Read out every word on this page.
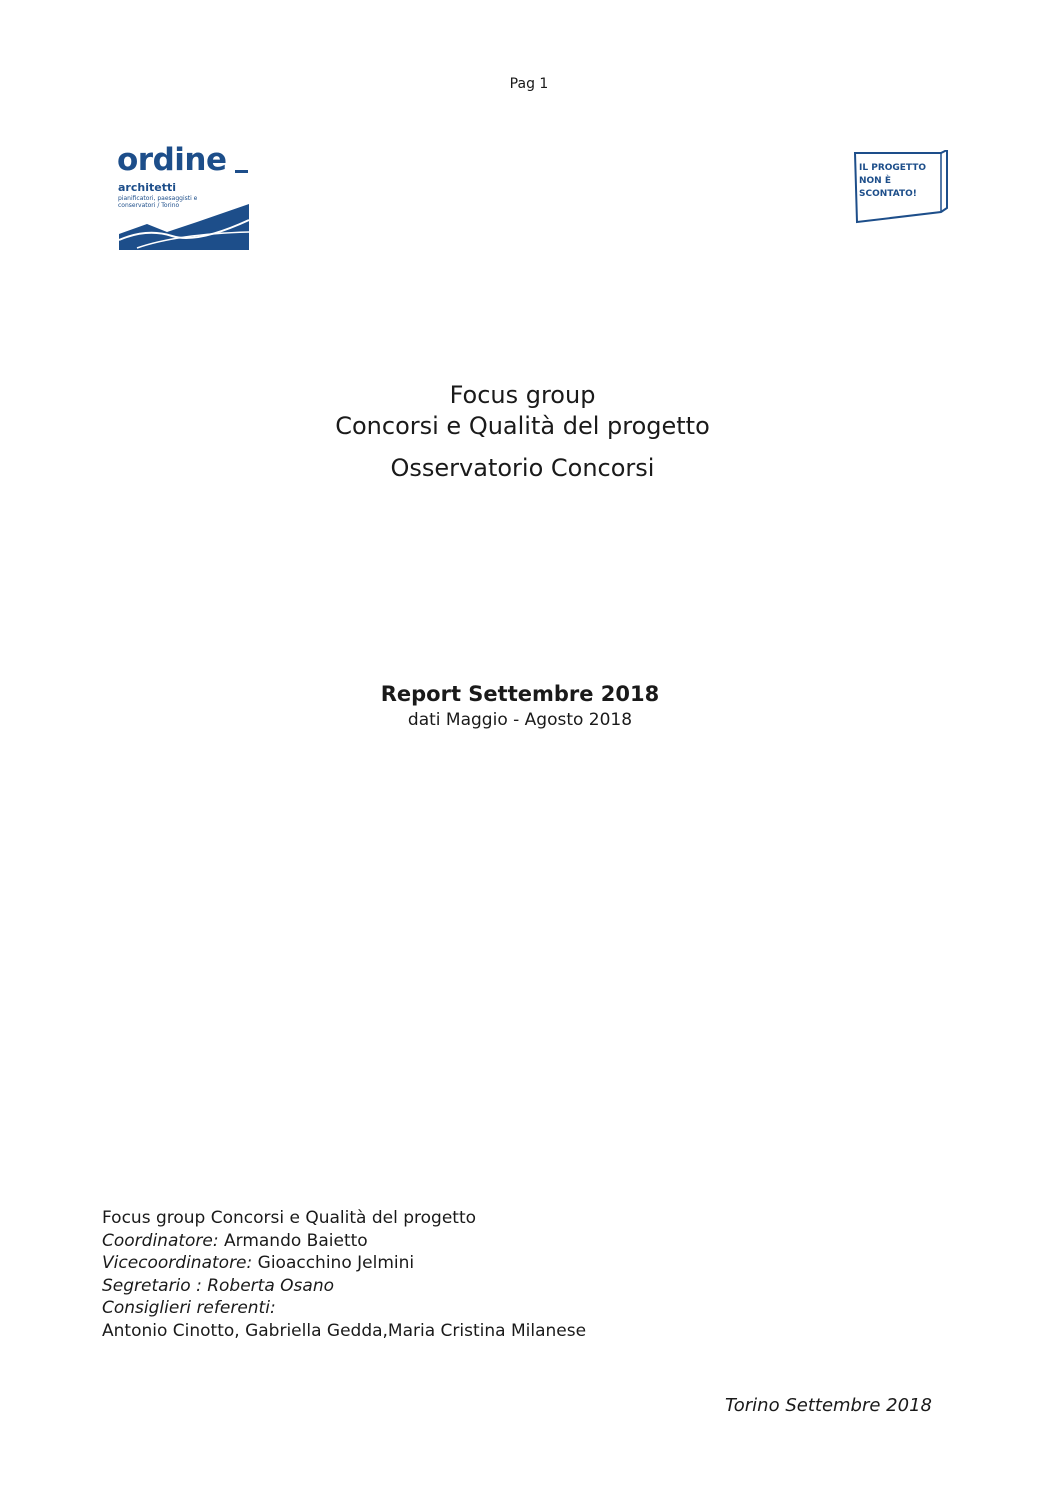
Pag 1
ordine
architetti
pianificatori, paesaggisti e conservatori / Torino
IL PROGETTO
NON È
SCONTATO!
Focus group
Concorsi e Qualità del progetto
Osservatorio Concorsi
Report Settembre 2018
dati Maggio - Agosto 2018
Focus group Concorsi e Qualità del progetto
Coordinatore: Armando Baietto
Vicecoordinatore: Gioacchino Jelmini
Segretario : Roberta Osano
Consiglieri referenti:
Antonio Cinotto, Gabriella Gedda,Maria Cristina Milanese
Torino Settembre 2018
